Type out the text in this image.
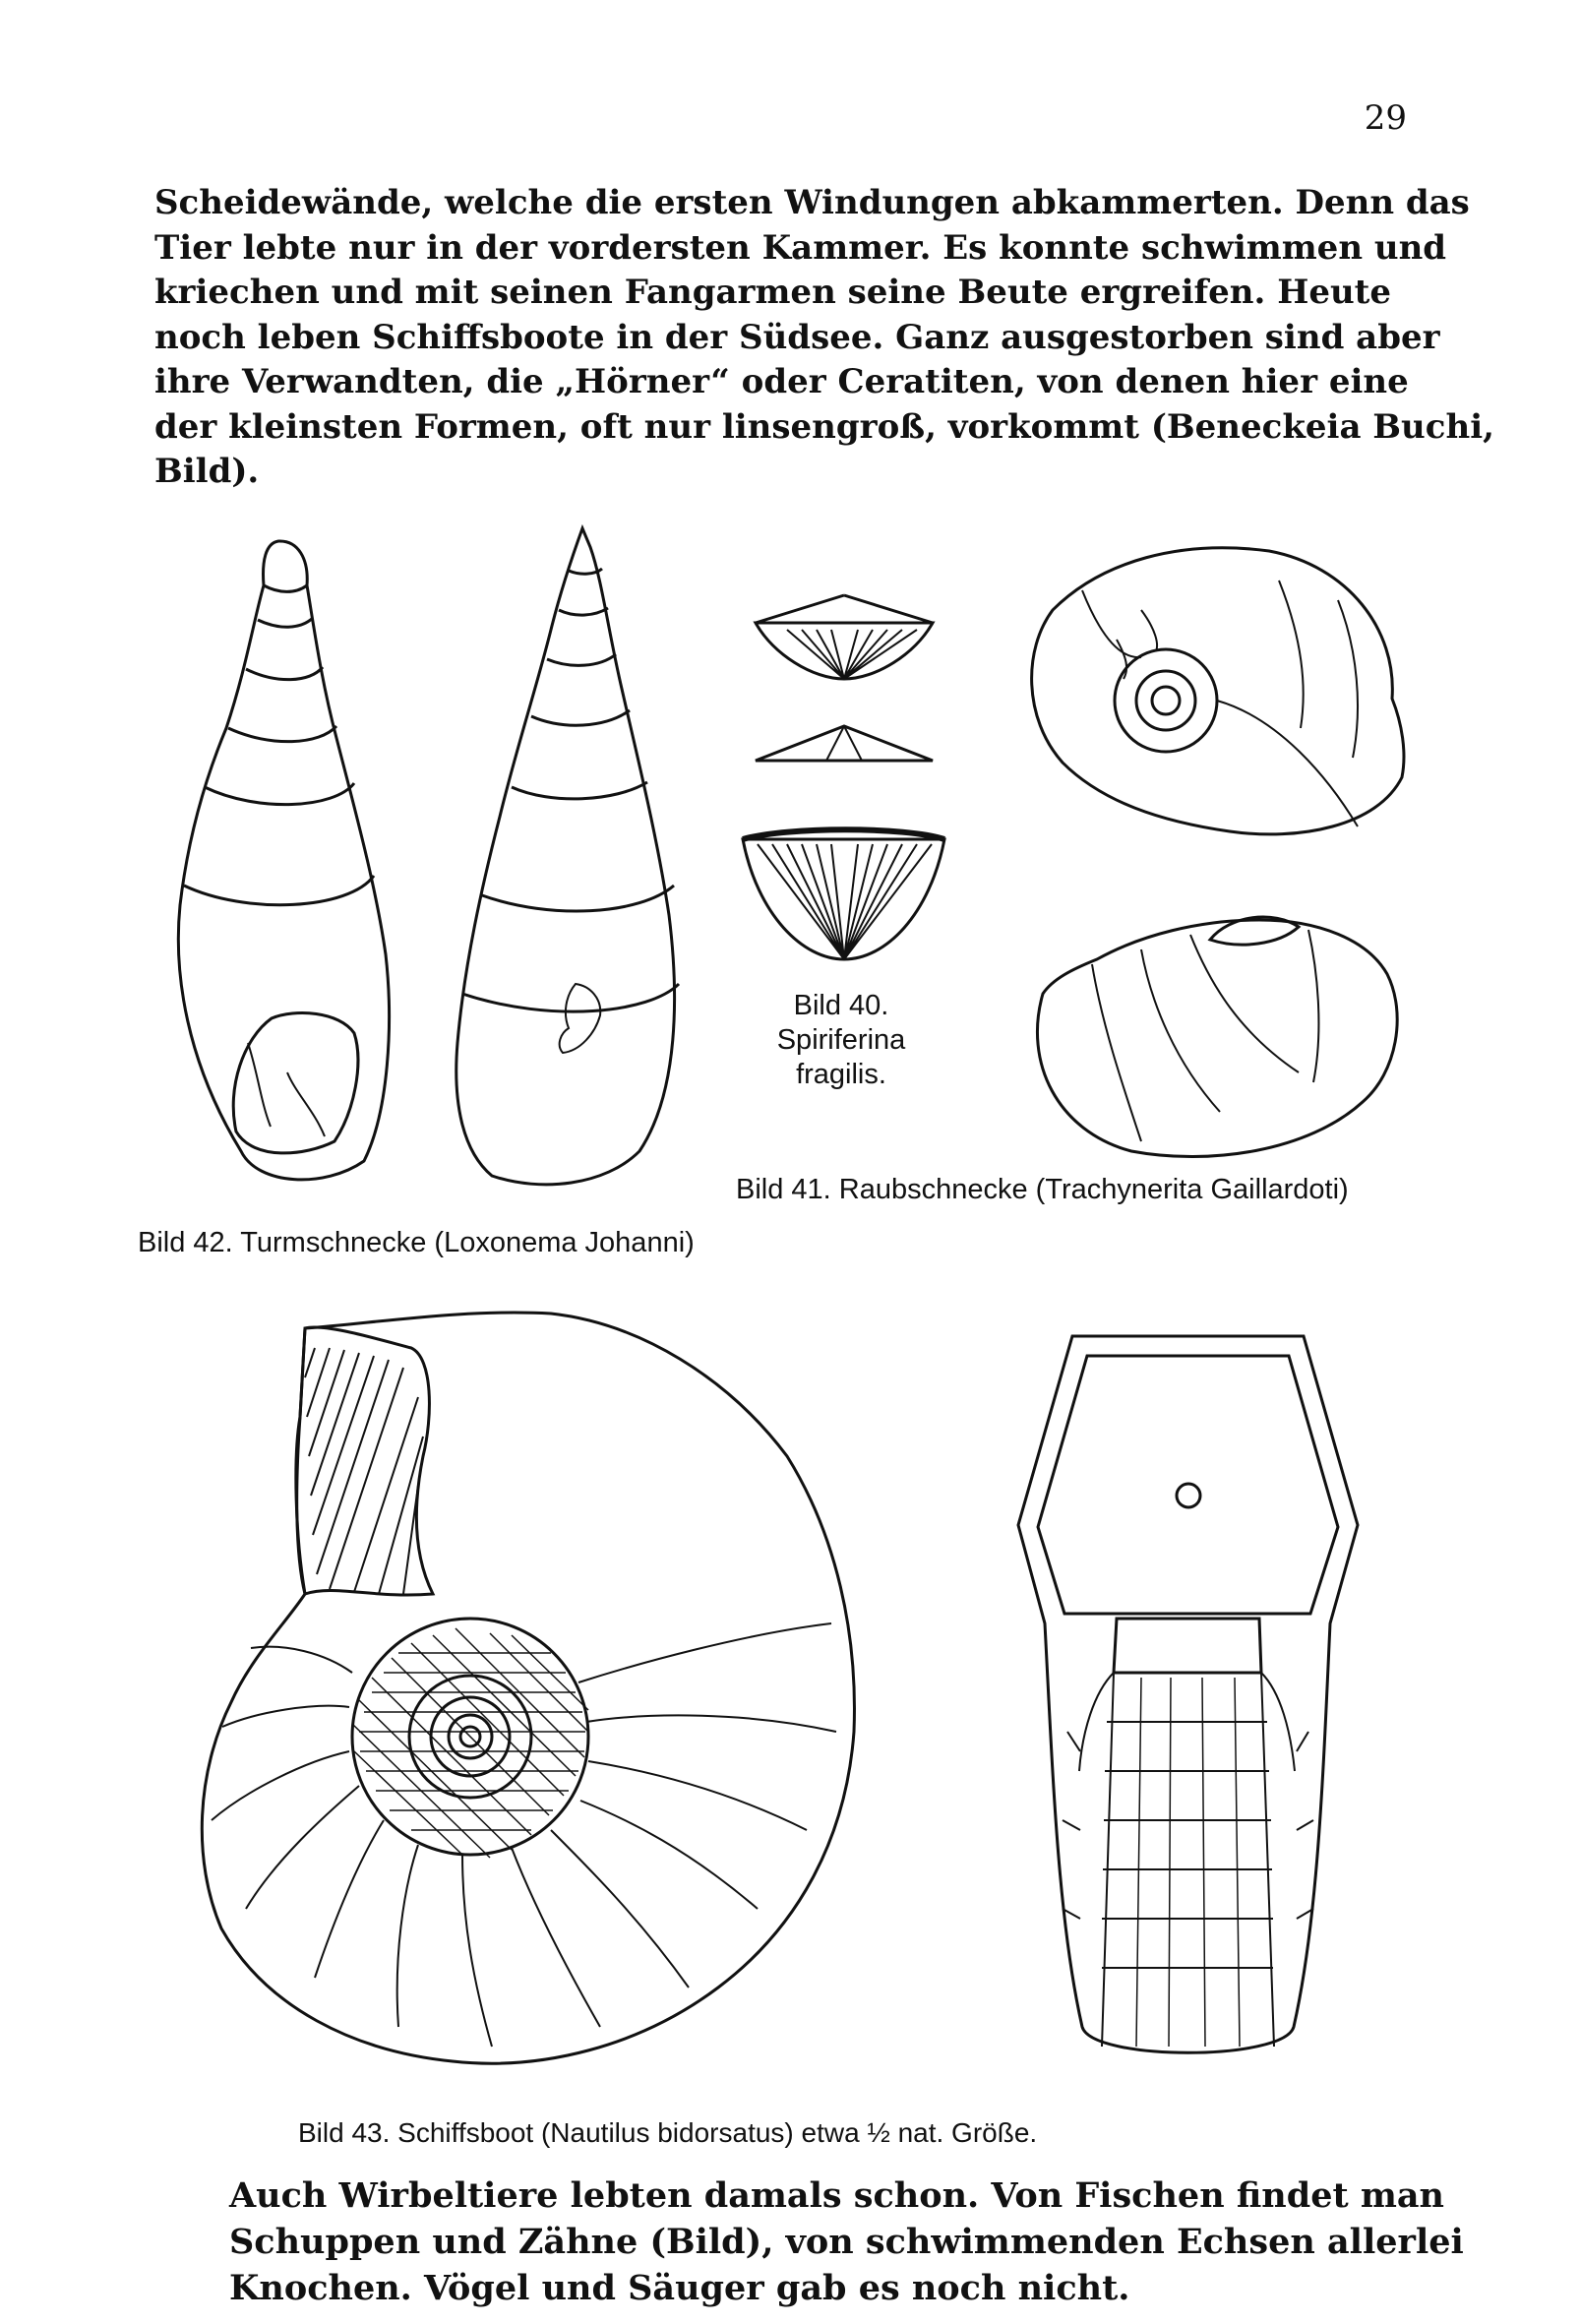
29

Scheidewände, welche die ersten Windungen abkammerten. Denn das
Tier lebte nur in der vordersten Kammer. Es konnte schwimmen und
kriechen und mit seinen Fangarmen seine Beute ergreifen. Heute
noch leben Schiffsboote in der Südsee. Ganz ausgestorben sind aber
ihre Verwandten, die „Hörner“ oder Ceratiten, von denen hier eine
der kleinsten Formen, oft nur linsengroß, vorkommt (Beneckeia Buchi,
Bild).

Bild 40.
Spiriferina
fragilis.
Bild 41. Raubschnecke (Trachynerita Gaillardoti)
Bild 42. Turmschnecke (Loxonema Johanni)
Bild 43. Schiffsboot (Nautilus bidorsatus) etwa ½ nat. Größe.

Auch Wirbeltiere lebten damals schon. Von Fischen findet man
Schuppen und Zähne (Bild), von schwimmenden Echsen allerlei
Knochen. Vögel und Säuger gab es noch nicht.
